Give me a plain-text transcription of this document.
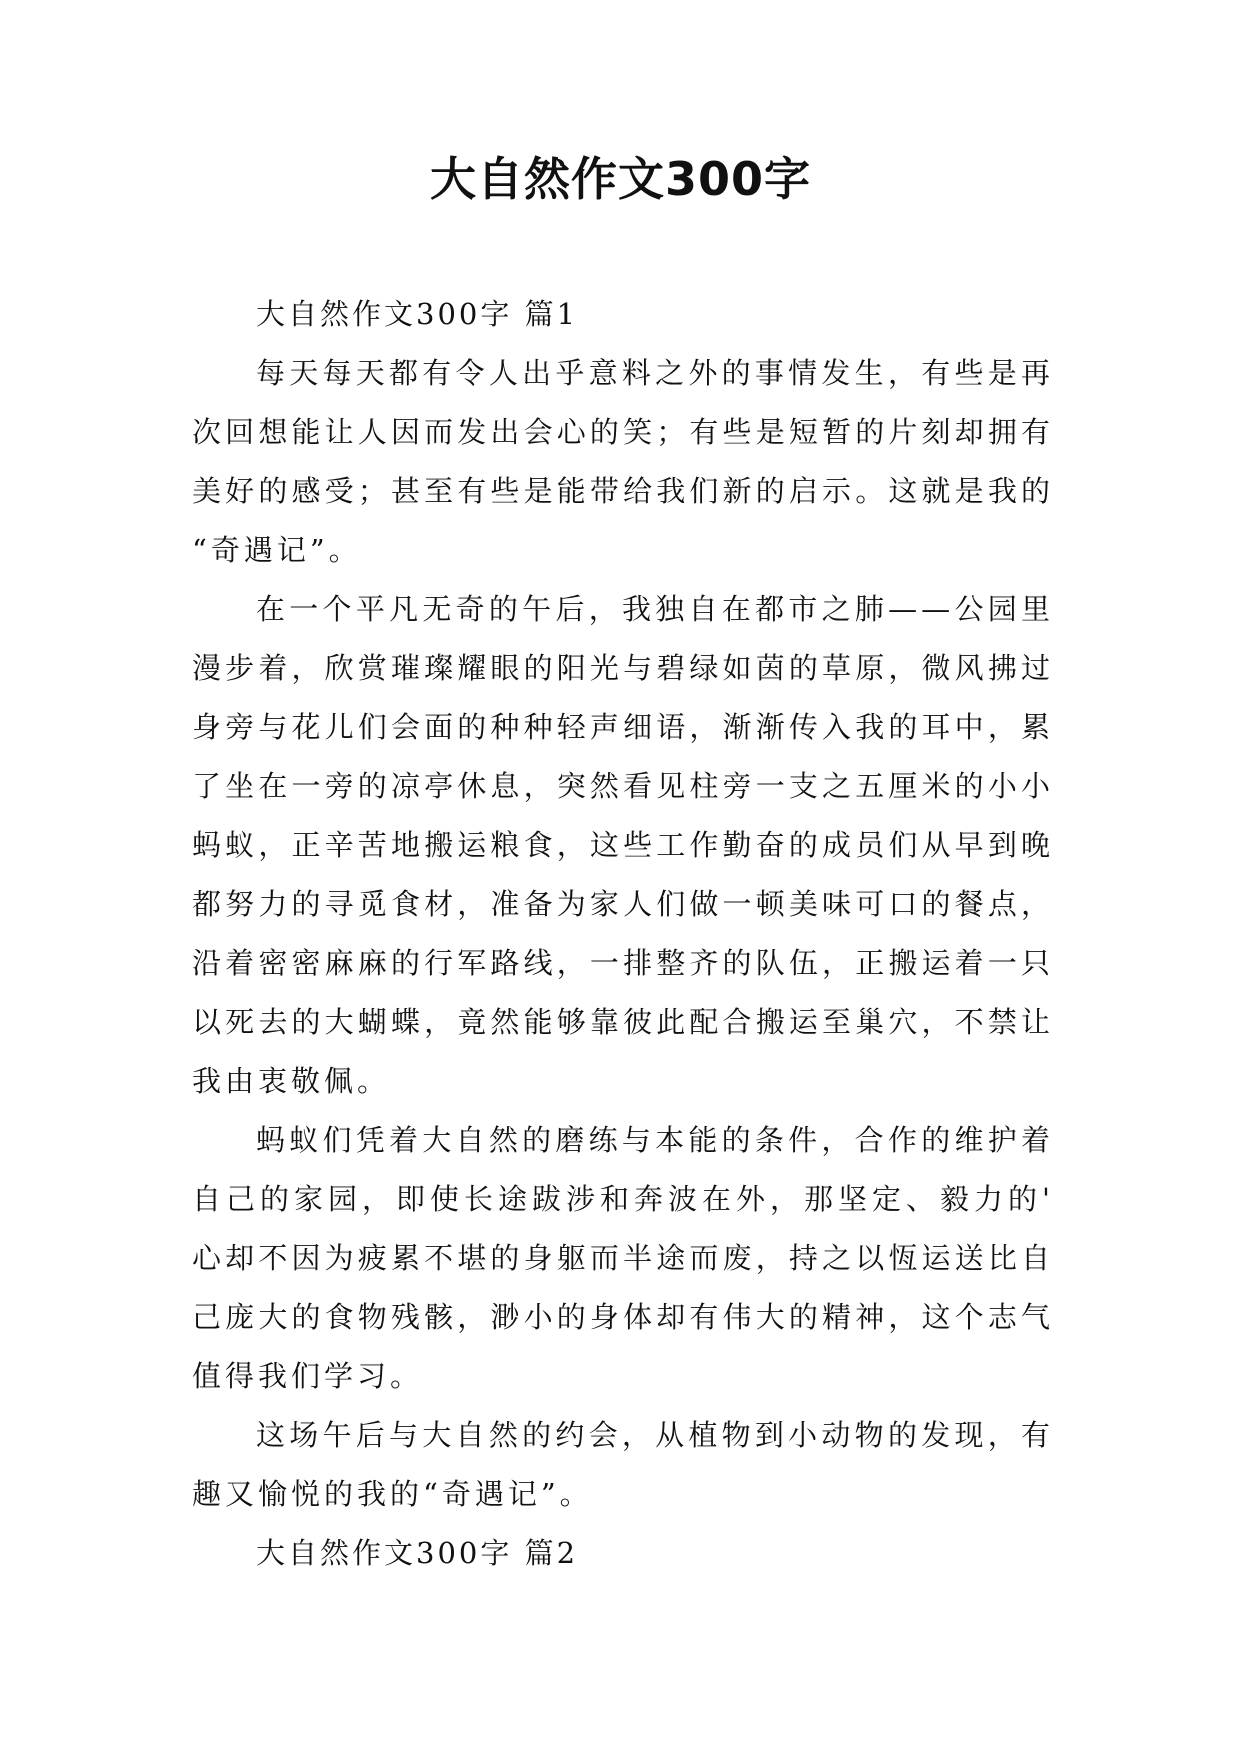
大自然作文300字

大自然作文300字 篇1

每天每天都有令人出乎意料之外的事情发生，有些是再次回想能让人因而发出会心的笑；有些是短暂的片刻却拥有美好的感受；甚至有些是能带给我们新的启示。这就是我的“奇遇记”。

在一个平凡无奇的午后，我独自在都市之肺——公园里漫步着，欣赏璀璨耀眼的阳光与碧绿如茵的草原，微风拂过身旁与花儿们会面的种种轻声细语，渐渐传入我的耳中，累了坐在一旁的凉亭休息，突然看见柱旁一支之五厘米的小小蚂蚁，正辛苦地搬运粮食，这些工作勤奋的成员们从早到晚都努力的寻觅食材，准备为家人们做一顿美味可口的餐点，沿着密密麻麻的行军路线，一排整齐的队伍，正搬运着一只以死去的大蝴蝶，竟然能够靠彼此配合搬运至巢穴，不禁让我由衷敬佩。

蚂蚁们凭着大自然的磨练与本能的条件，合作的维护着自己的家园，即使长途跋涉和奔波在外，那坚定、毅力的'心却不因为疲累不堪的身躯而半途而废，持之以恆运送比自己庞大的食物残骸，渺小的身体却有伟大的精神，这个志气值得我们学习。

这场午后与大自然的约会，从植物到小动物的发现，有趣又愉悦的我的“奇遇记”。

大自然作文300字 篇2
